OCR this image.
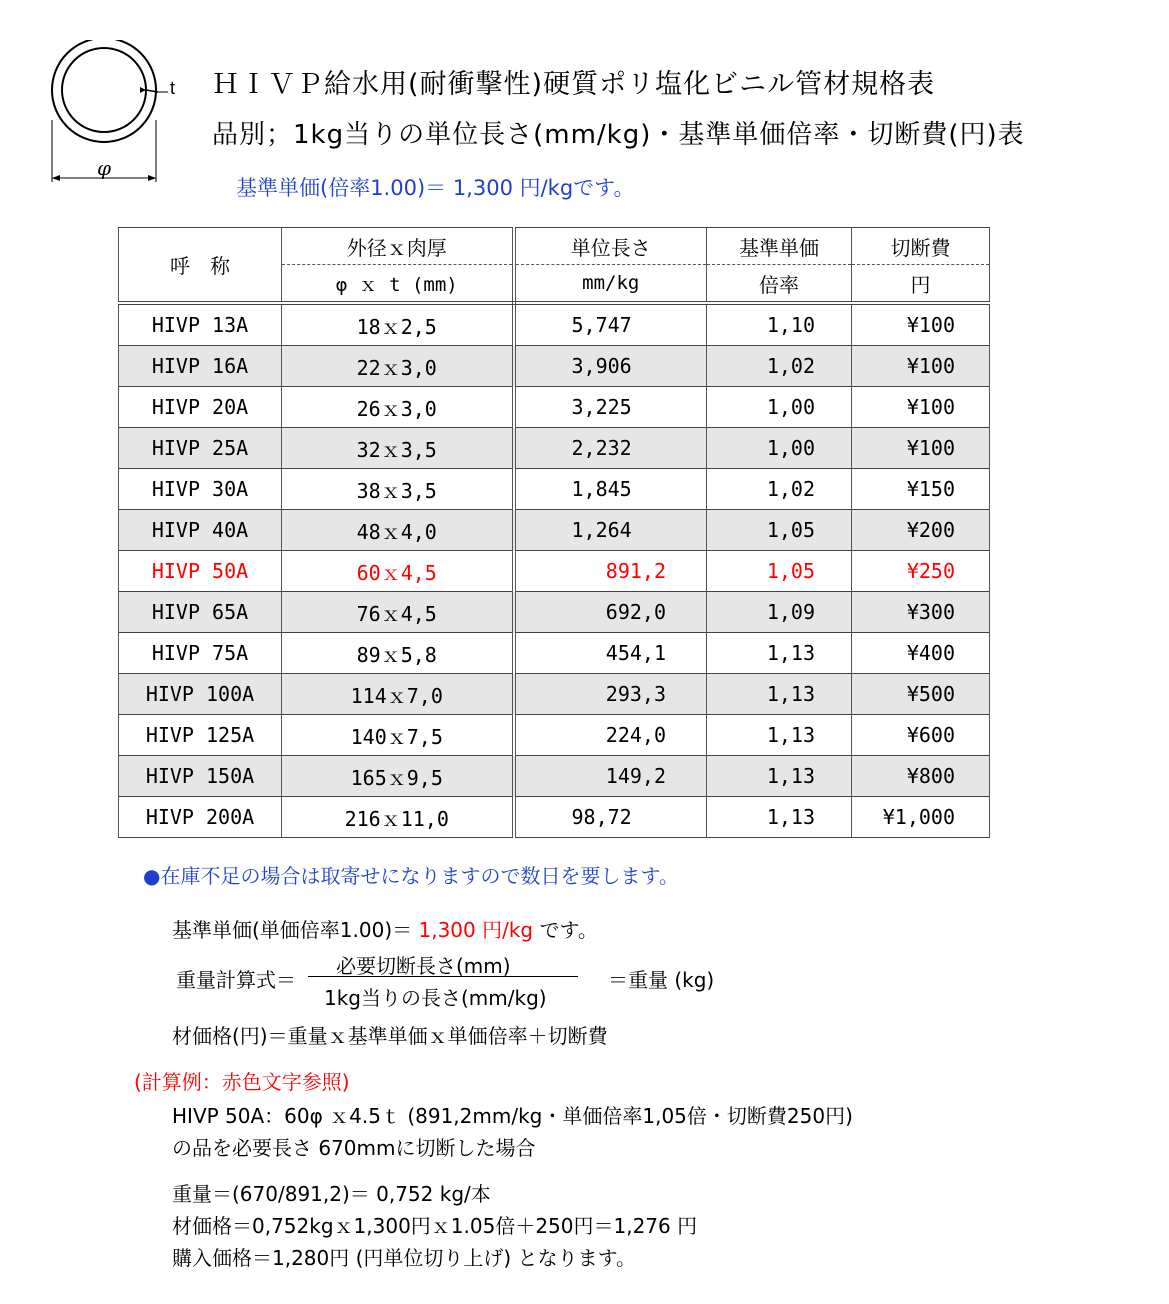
t
φ
ＨＩＶＰ給水用(耐衝撃性)硬質ポリ塩化ビニル管材規格表
品別；1kg当りの単位長さ(mm/kg)・基準単価倍率・切断費(円)表
基準単価(倍率1.00)＝ 1,300 円/kgです。
呼　称	外径ｘ肉厚	単位長さ	基準単価	切断費
	φ ｘ t (mm)	mm/kg	倍率	円
HIVP 13A	18ｘ2,5	5,747	1,10	¥100
HIVP 16A	22ｘ3,0	3,906	1,02	¥100
HIVP 20A	26ｘ3,0	3,225	1,00	¥100
HIVP 25A	32ｘ3,5	2,232	1,00	¥100
HIVP 30A	38ｘ3,5	1,845	1,02	¥150
HIVP 40A	48ｘ4,0	1,264	1,05	¥200
HIVP 50A	60ｘ4,5	891,2	1,05	¥250
HIVP 65A	76ｘ4,5	692,0	1,09	¥300
HIVP 75A	89ｘ5,8	454,1	1,13	¥400
HIVP 100A	114ｘ7,0	293,3	1,13	¥500
HIVP 125A	140ｘ7,5	224,0	1,13	¥600
HIVP 150A	165ｘ9,5	149,2	1,13	¥800
HIVP 200A	216ｘ11,0	98,72	1,13	¥1,000
●在庫不足の場合は取寄せになりますので数日を要します。
基準単価(単価倍率1.00)＝ 1,300 円/kg です。
重量計算式＝
必要切断長さ(mm)
1kg当りの長さ(mm/kg)
＝重量 (kg)
材価格(円)＝重量ｘ基準単価ｘ単価倍率＋切断費
(計算例：赤色文字参照)
HIVP 50A：60φ ｘ4.5ｔ (891,2mm/kg・単価倍率1,05倍・切断費250円)
の品を必要長さ 670mmに切断した場合
重量＝(670/891,2)＝ 0,752 kg/本
材価格＝0,752kgｘ1,300円ｘ1.05倍＋250円＝1,276 円
購入価格＝1,280円 (円単位切り上げ) となります。
